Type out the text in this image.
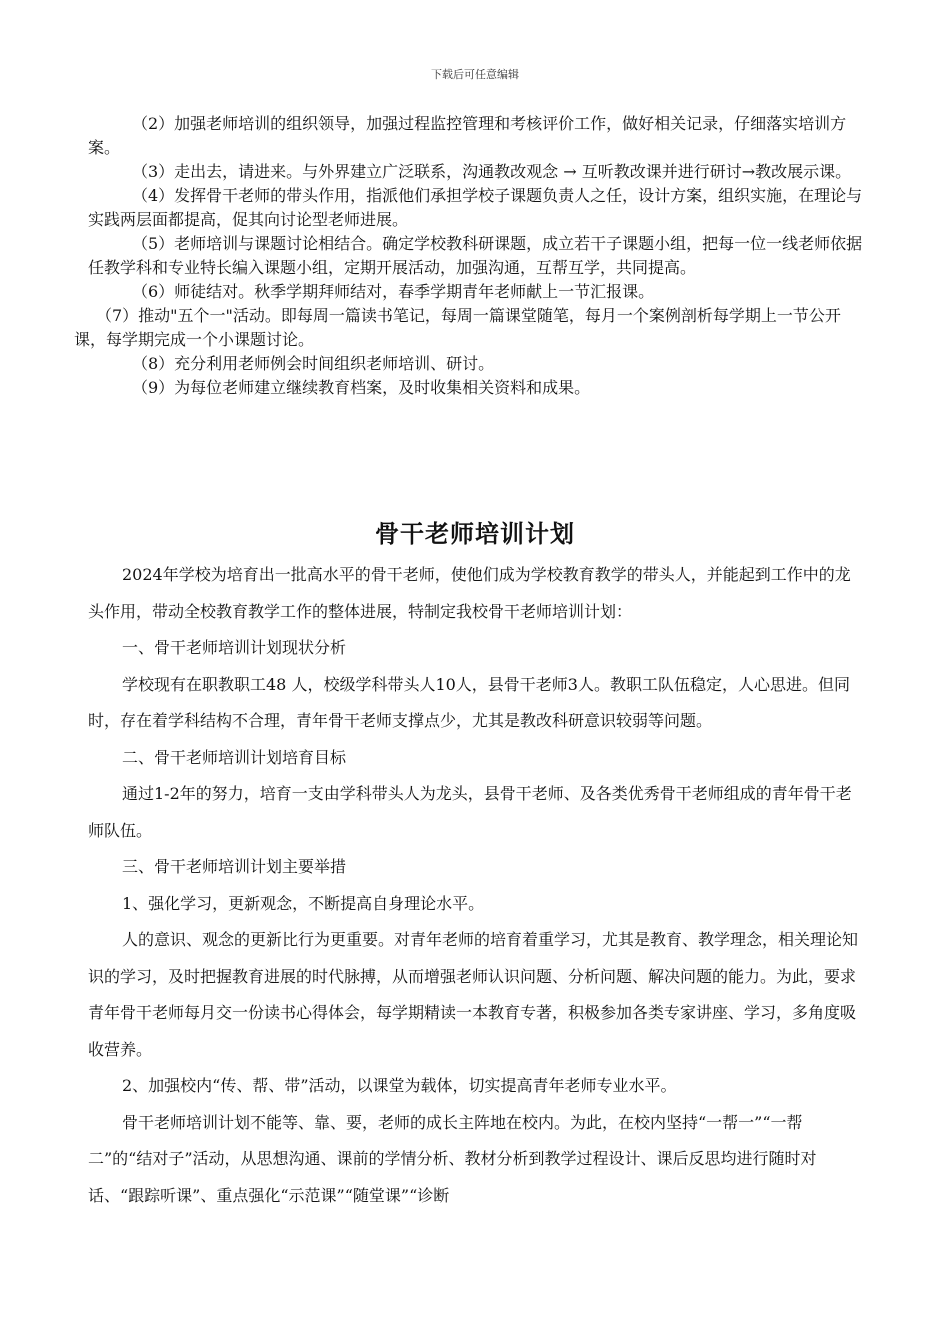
下载后可任意编辑

（2）加强老师培训的组织领导，加强过程监控管理和考核评价工作，做好相关记录，仔细落实培训方案。

（3）走出去，请进来。与外界建立广泛联系，沟通教改观念 → 互听教改课并进行研讨→教改展示课。

（4）发挥骨干老师的带头作用，指派他们承担学校子课题负责人之任，设计方案，组织实施，在理论与实践两层面都提高，促其向讨论型老师进展。

（5）老师培训与课题讨论相结合。确定学校教科研课题，成立若干子课题小组，把每一位一线老师依据任教学科和专业特长编入课题小组，定期开展活动，加强沟通，互帮互学，共同提高。

（6）师徒结对。秋季学期拜师结对，春季学期青年老师献上一节汇报课。

（7）推动"五个一"活动。即每周一篇读书笔记，每周一篇课堂随笔，每月一个案例剖析每学期上一节公开课，每学期完成一个小课题讨论。

（8）充分利用老师例会时间组织老师培训、研讨。

（9）为每位老师建立继续教育档案，及时收集相关资料和成果。

骨干老师培训计划

2024年学校为培育出一批高水平的骨干老师，使他们成为学校教育教学的带头人，并能起到工作中的龙头作用，带动全校教育教学工作的整体进展，特制定我校骨干老师培训计划：

一、骨干老师培训计划现状分析

学校现有在职教职工48 人，校级学科带头人10人，县骨干老师3人。教职工队伍稳定，人心思进。但同时，存在着学科结构不合理，青年骨干老师支撑点少，尤其是教改科研意识较弱等问题。

二、骨干老师培训计划培育目标

通过1-2年的努力，培育一支由学科带头人为龙头，县骨干老师、及各类优秀骨干老师组成的青年骨干老师队伍。

三、骨干老师培训计划主要举措

1、强化学习，更新观念，不断提高自身理论水平。

人的意识、观念的更新比行为更重要。对青年老师的培育着重学习，尤其是教育、教学理念，相关理论知识的学习，及时把握教育进展的时代脉搏，从而增强老师认识问题、分析问题、解决问题的能力。为此，要求青年骨干老师每月交一份读书心得体会，每学期精读一本教育专著，积极参加各类专家讲座、学习，多角度吸收营养。

2、加强校内“传、帮、带”活动，以课堂为载体，切实提高青年老师专业水平。

骨干老师培训计划不能等、靠、要，老师的成长主阵地在校内。为此，在校内坚持“一帮一”“一帮二”的“结对子”活动，从思想沟通、课前的学情分析、教材分析到教学过程设计、课后反思均进行随时对话、“跟踪听课”、重点强化“示范课”“随堂课”“诊断
